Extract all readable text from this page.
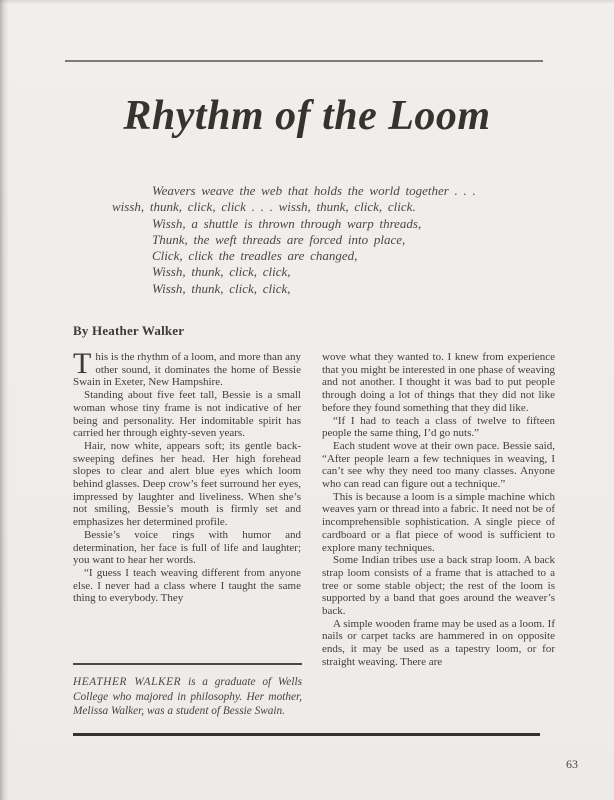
Rhythm of the Loom
Weavers weave the web that holds the world together . . .
wissh, thunk, click, click . . . wissh, thunk, click, click.
Wissh, a shuttle is thrown through warp threads,
Thunk, the weft threads are forced into place,
Click, click the treadles are changed,
Wissh, thunk, click, click,
Wissh, thunk, click, click,
By Heather Walker

This is the rhythm of a loom, and more than any other sound, it dominates the home of Bessie Swain in Exeter, New Hampshire.

Standing about five feet tall, Bessie is a small woman whose tiny frame is not indicative of her being and personality. Her indomitable spirit has carried her through eighty-seven years.

Hair, now white, appears soft; its gentle back-sweeping defines her head. Her high forehead slopes to clear and alert blue eyes which loom behind glasses. Deep crow’s feet surround her eyes, impressed by laughter and liveliness. When she’s not smiling, Bessie’s mouth is firmly set and emphasizes her determined profile.

Bessie’s voice rings with humor and determination, her face is full of life and laughter; you want to hear her words.

“I guess I teach weaving different from anyone else. I never had a class where I taught the same thing to everybody. They

wove what they wanted to. I knew from experience that you might be interested in one phase of weaving and not another. I thought it was bad to put people through doing a lot of things that they did not like before they found something that they did like.

“If I had to teach a class of twelve to fifteen people the same thing, I’d go nuts.”

Each student wove at their own pace. Bessie said, “After people learn a few techniques in weaving, I can’t see why they need too many classes. Anyone who can read can figure out a technique.”

This is because a loom is a simple machine which weaves yarn or thread into a fabric. It need not be of incomprehensible sophistication. A single piece of cardboard or a flat piece of wood is sufficient to explore many techniques.

Some Indian tribes use a back strap loom. A back strap loom consists of a frame that is attached to a tree or some stable object; the rest of the loom is supported by a band that goes around the weaver’s back.

A simple wooden frame may be used as a loom. If nails or carpet tacks are hammered in on opposite ends, it may be used as a tapestry loom, or for straight weaving. There are

HEATHER WALKER is a graduate of Wells College who majored in philosophy. Her mother, Melissa Walker, was a student of Bessie Swain.
63
